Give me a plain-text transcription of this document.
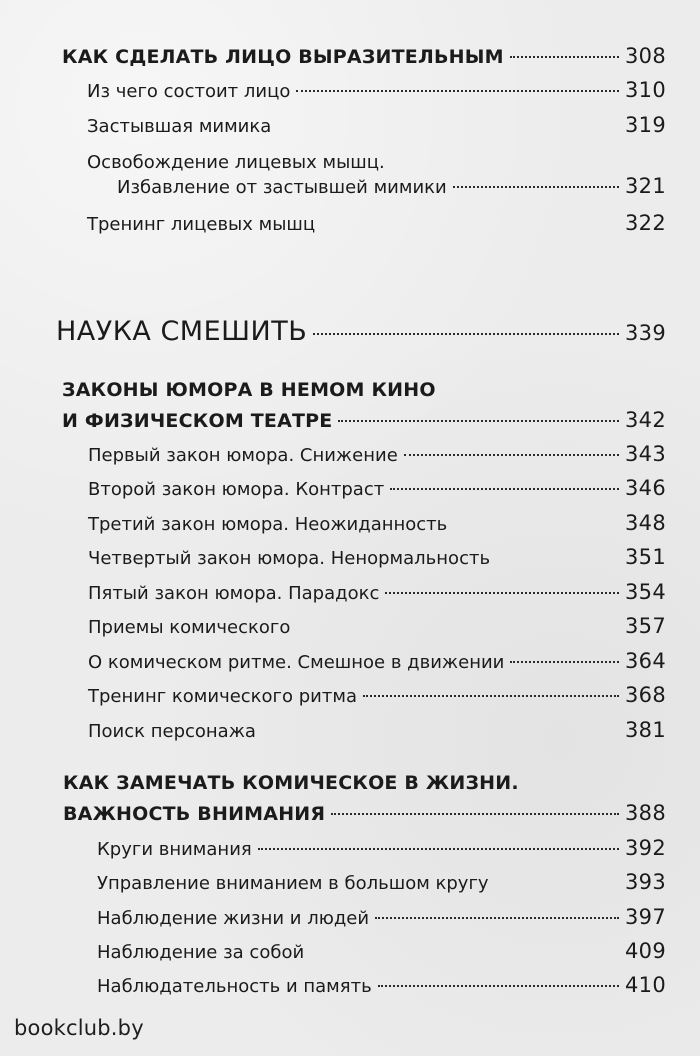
КАК СДЕЛАТЬ ЛИЦО ВЫРАЗИТЕЛЬНЫМ	308
Из чего состоит лицо	310
Застывшая мимика	319
Освобождение лицевых мышц.
Избавление от застывшей мимики	321
Тренинг лицевых мышц	322
НАУКА СМЕШИТЬ	339
ЗАКОНЫ ЮМОРА В НЕМОМ КИНО
И ФИЗИЧЕСКОМ ТЕАТРЕ	342
Первый закон юмора. Снижение	343
Второй закон юмора. Контраст	346
Третий закон юмора. Неожиданность	348
Четвертый закон юмора. Ненормальность	351
Пятый закон юмора. Парадокс	354
Приемы комического	357
О комическом ритме. Смешное в движении	364
Тренинг комического ритма	368
Поиск персонажа	381
КАК ЗАМЕЧАТЬ КОМИЧЕСКОЕ В ЖИЗНИ.
ВАЖНОСТЬ ВНИМАНИЯ	388
Круги внимания	392
Управление вниманием в большом кругу	393
Наблюдение жизни и людей	397
Наблюдение за собой	409
Наблюдательность и память	410
bookclub.by
